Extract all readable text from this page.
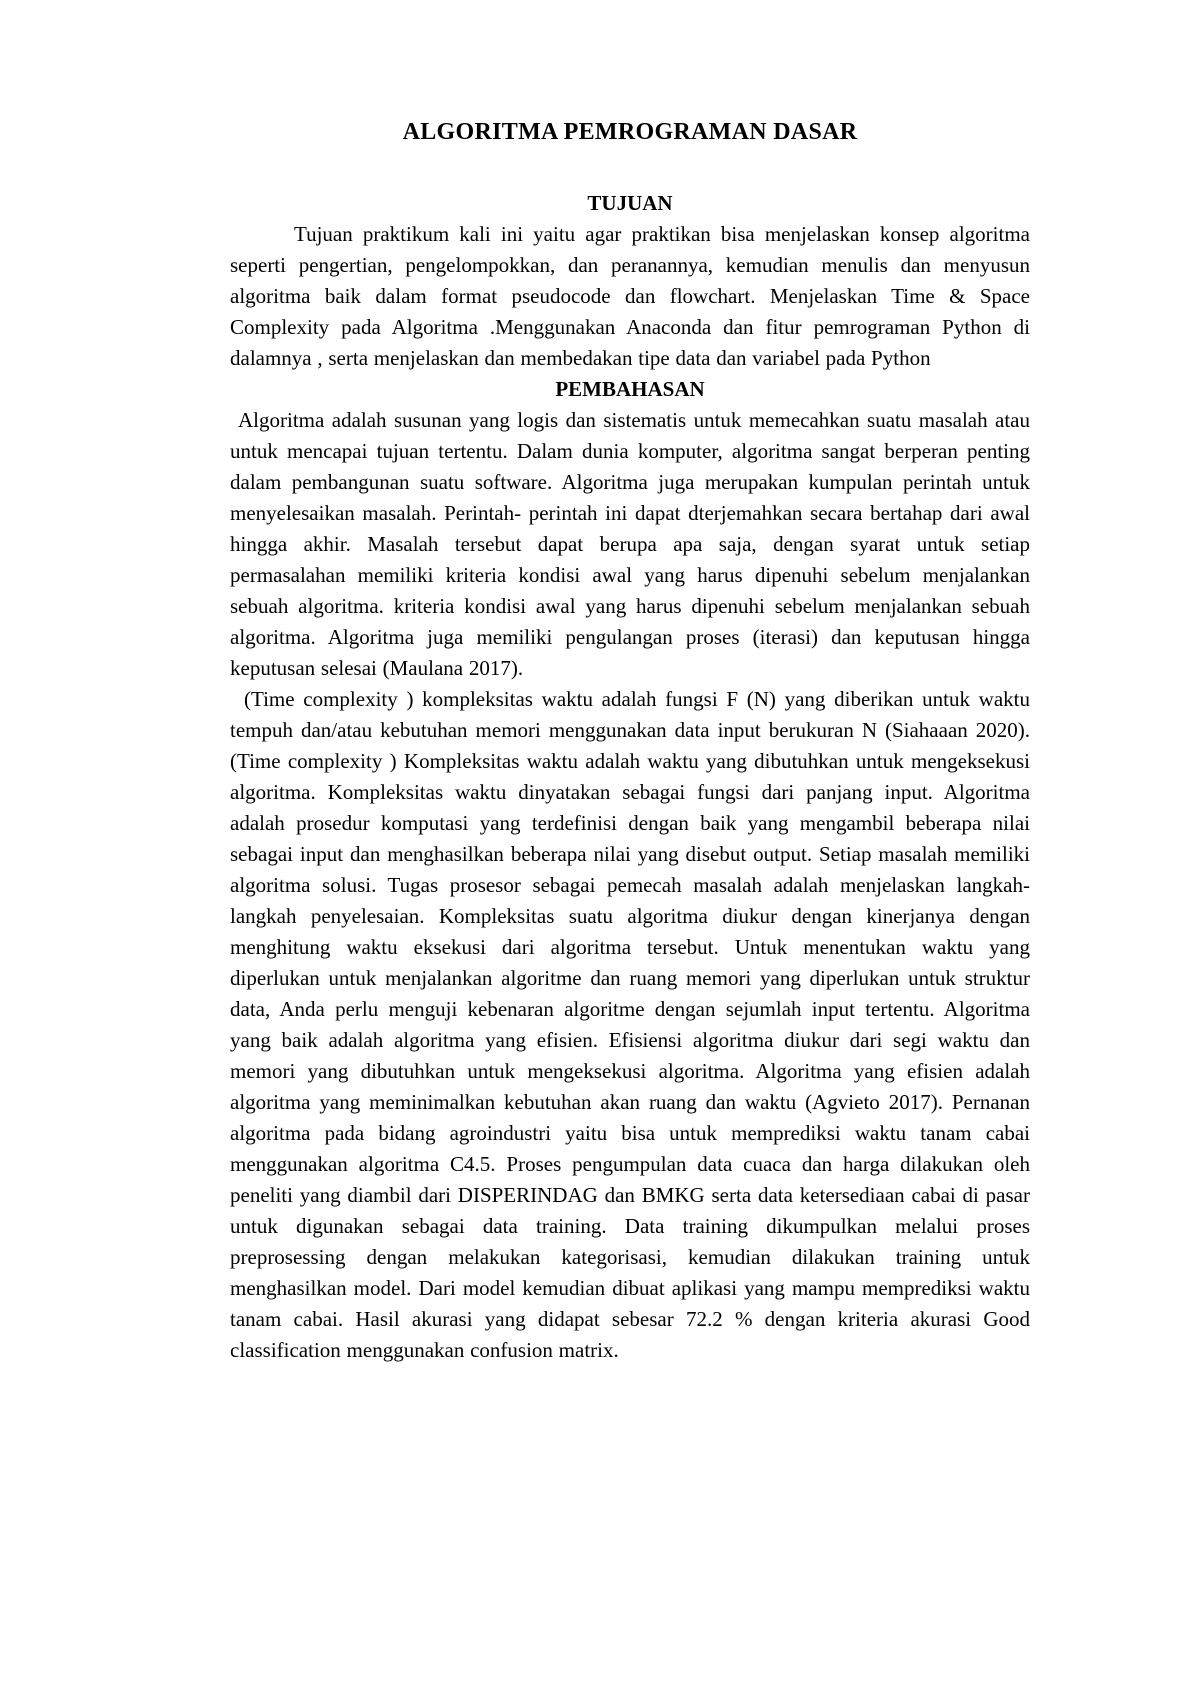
ALGORITMA PEMROGRAMAN DASAR
TUJUAN

Tujuan praktikum kali ini yaitu agar praktikan bisa menjelaskan konsep algoritma seperti pengertian, pengelompokkan, dan peranannya, kemudian menulis dan menyusun algoritma baik dalam format pseudocode dan flowchart. Menjelaskan Time & Space Complexity pada Algoritma .Menggunakan Anaconda dan fitur pemrograman Python di dalamnya , serta menjelaskan dan membedakan tipe data dan variabel pada Python

PEMBAHASAN

Algoritma adalah susunan yang logis dan sistematis untuk memecahkan suatu masalah atau untuk mencapai tujuan tertentu. Dalam dunia komputer, algoritma sangat berperan penting dalam pembangunan suatu software. Algoritma juga merupakan kumpulan perintah untuk menyelesaikan masalah. Perintah- perintah ini dapat dterjemahkan secara bertahap dari awal hingga akhir. Masalah tersebut dapat berupa apa saja, dengan syarat untuk setiap permasalahan memiliki kriteria kondisi awal yang harus dipenuhi sebelum menjalankan sebuah algoritma. kriteria kondisi awal yang harus dipenuhi sebelum menjalankan sebuah algoritma. Algoritma juga memiliki pengulangan proses (iterasi) dan keputusan hingga keputusan selesai (Maulana 2017).

(Time complexity ) kompleksitas waktu adalah fungsi F (N) yang diberikan untuk waktu tempuh dan/atau kebutuhan memori menggunakan data input berukuran N (Siahaaan 2020). (Time complexity ) Kompleksitas waktu adalah waktu yang dibutuhkan untuk mengeksekusi algoritma. Kompleksitas waktu dinyatakan sebagai fungsi dari panjang input. Algoritma adalah prosedur komputasi yang terdefinisi dengan baik yang mengambil beberapa nilai sebagai input dan menghasilkan beberapa nilai yang disebut output. Setiap masalah memiliki algoritma solusi. Tugas prosesor sebagai pemecah masalah adalah menjelaskan langkah-langkah penyelesaian. Kompleksitas suatu algoritma diukur dengan kinerjanya dengan menghitung waktu eksekusi dari algoritma tersebut. Untuk menentukan waktu yang diperlukan untuk menjalankan algoritme dan ruang memori yang diperlukan untuk struktur data, Anda perlu menguji kebenaran algoritme dengan sejumlah input tertentu. Algoritma yang baik adalah algoritma yang efisien. Efisiensi algoritma diukur dari segi waktu dan memori yang dibutuhkan untuk mengeksekusi algoritma. Algoritma yang efisien adalah algoritma yang meminimalkan kebutuhan akan ruang dan waktu (Agvieto 2017). Pernanan algoritma pada bidang agroindustri yaitu bisa untuk memprediksi waktu tanam cabai menggunakan algoritma C4.5. Proses pengumpulan data cuaca dan harga dilakukan oleh peneliti yang diambil dari DISPERINDAG dan BMKG serta data ketersediaan cabai di pasar untuk digunakan sebagai data training. Data training dikumpulkan melalui proses preprosessing dengan melakukan kategorisasi, kemudian dilakukan training untuk menghasilkan model. Dari model kemudian dibuat aplikasi yang mampu memprediksi waktu tanam cabai. Hasil akurasi yang didapat sebesar 72.2 % dengan kriteria akurasi Good classification menggunakan confusion matrix.
